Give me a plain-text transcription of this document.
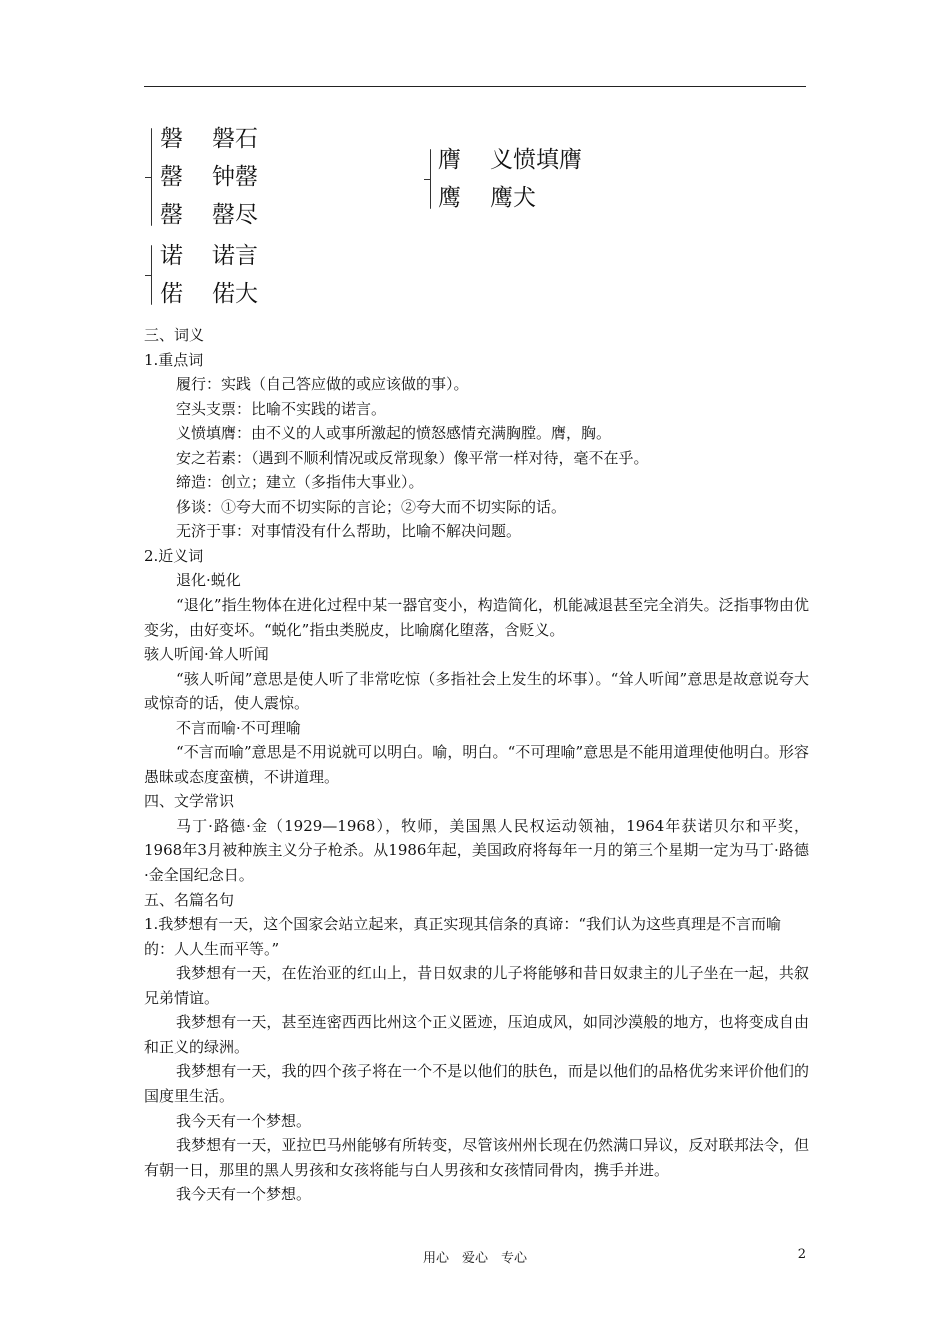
磐	磐石
罄	钟罄
罄	罄尽
诺	诺言
偌	偌大
膺	义愤填膺
鹰	鹰犬

三、词义

1.重点词

履行：实践（自己答应做的或应该做的事）。

空头支票：比喻不实践的诺言。

义愤填膺：由不义的人或事所激起的愤怒感情充满胸膛。膺，胸。

安之若素：（遇到不顺利情况或反常现象）像平常一样对待，毫不在乎。

缔造：创立；建立（多指伟大事业）。

侈谈：①夸大而不切实际的言论；②夸大而不切实际的话。

无济于事：对事情没有什么帮助，比喻不解决问题。

2.近义词

退化·蜕化

“退化”指生物体在进化过程中某一器官变小，构造简化，机能减退甚至完全消失。泛指事物由优变劣，由好变坏。“蜕化”指虫类脱皮，比喻腐化堕落，含贬义。

骇人听闻·耸人听闻

“骇人听闻”意思是使人听了非常吃惊（多指社会上发生的坏事）。“耸人听闻”意思是故意说夸大或惊奇的话，使人震惊。

不言而喻·不可理喻

“不言而喻”意思是不用说就可以明白。喻，明白。“不可理喻”意思是不能用道理使他明白。形容愚昧或态度蛮横，不讲道理。

四、文学常识

马丁·路德·金（1929—1968），牧师，美国黑人民权运动领袖，1964年获诺贝尔和平奖，1968年3月被种族主义分子枪杀。从1986年起，美国政府将每年一月的第三个星期一定为马丁·路德·金全国纪念日。

五、名篇名句

1.我梦想有一天，这个国家会站立起来，真正实现其信条的真谛：“我们认为这些真理是不言而喻的：人人生而平等。”

我梦想有一天，在佐治亚的红山上，昔日奴隶的儿子将能够和昔日奴隶主的儿子坐在一起，共叙兄弟情谊。

我梦想有一天，甚至连密西西比州这个正义匿迹，压迫成风，如同沙漠般的地方，也将变成自由和正义的绿洲。

我梦想有一天，我的四个孩子将在一个不是以他们的肤色，而是以他们的品格优劣来评价他们的国度里生活。

我今天有一个梦想。

我梦想有一天，亚拉巴马州能够有所转变，尽管该州州长现在仍然满口异议，反对联邦法令，但有朝一日，那里的黑人男孩和女孩将能与白人男孩和女孩情同骨肉，携手并进。

我今天有一个梦想。

用心　爱心　专心	2
